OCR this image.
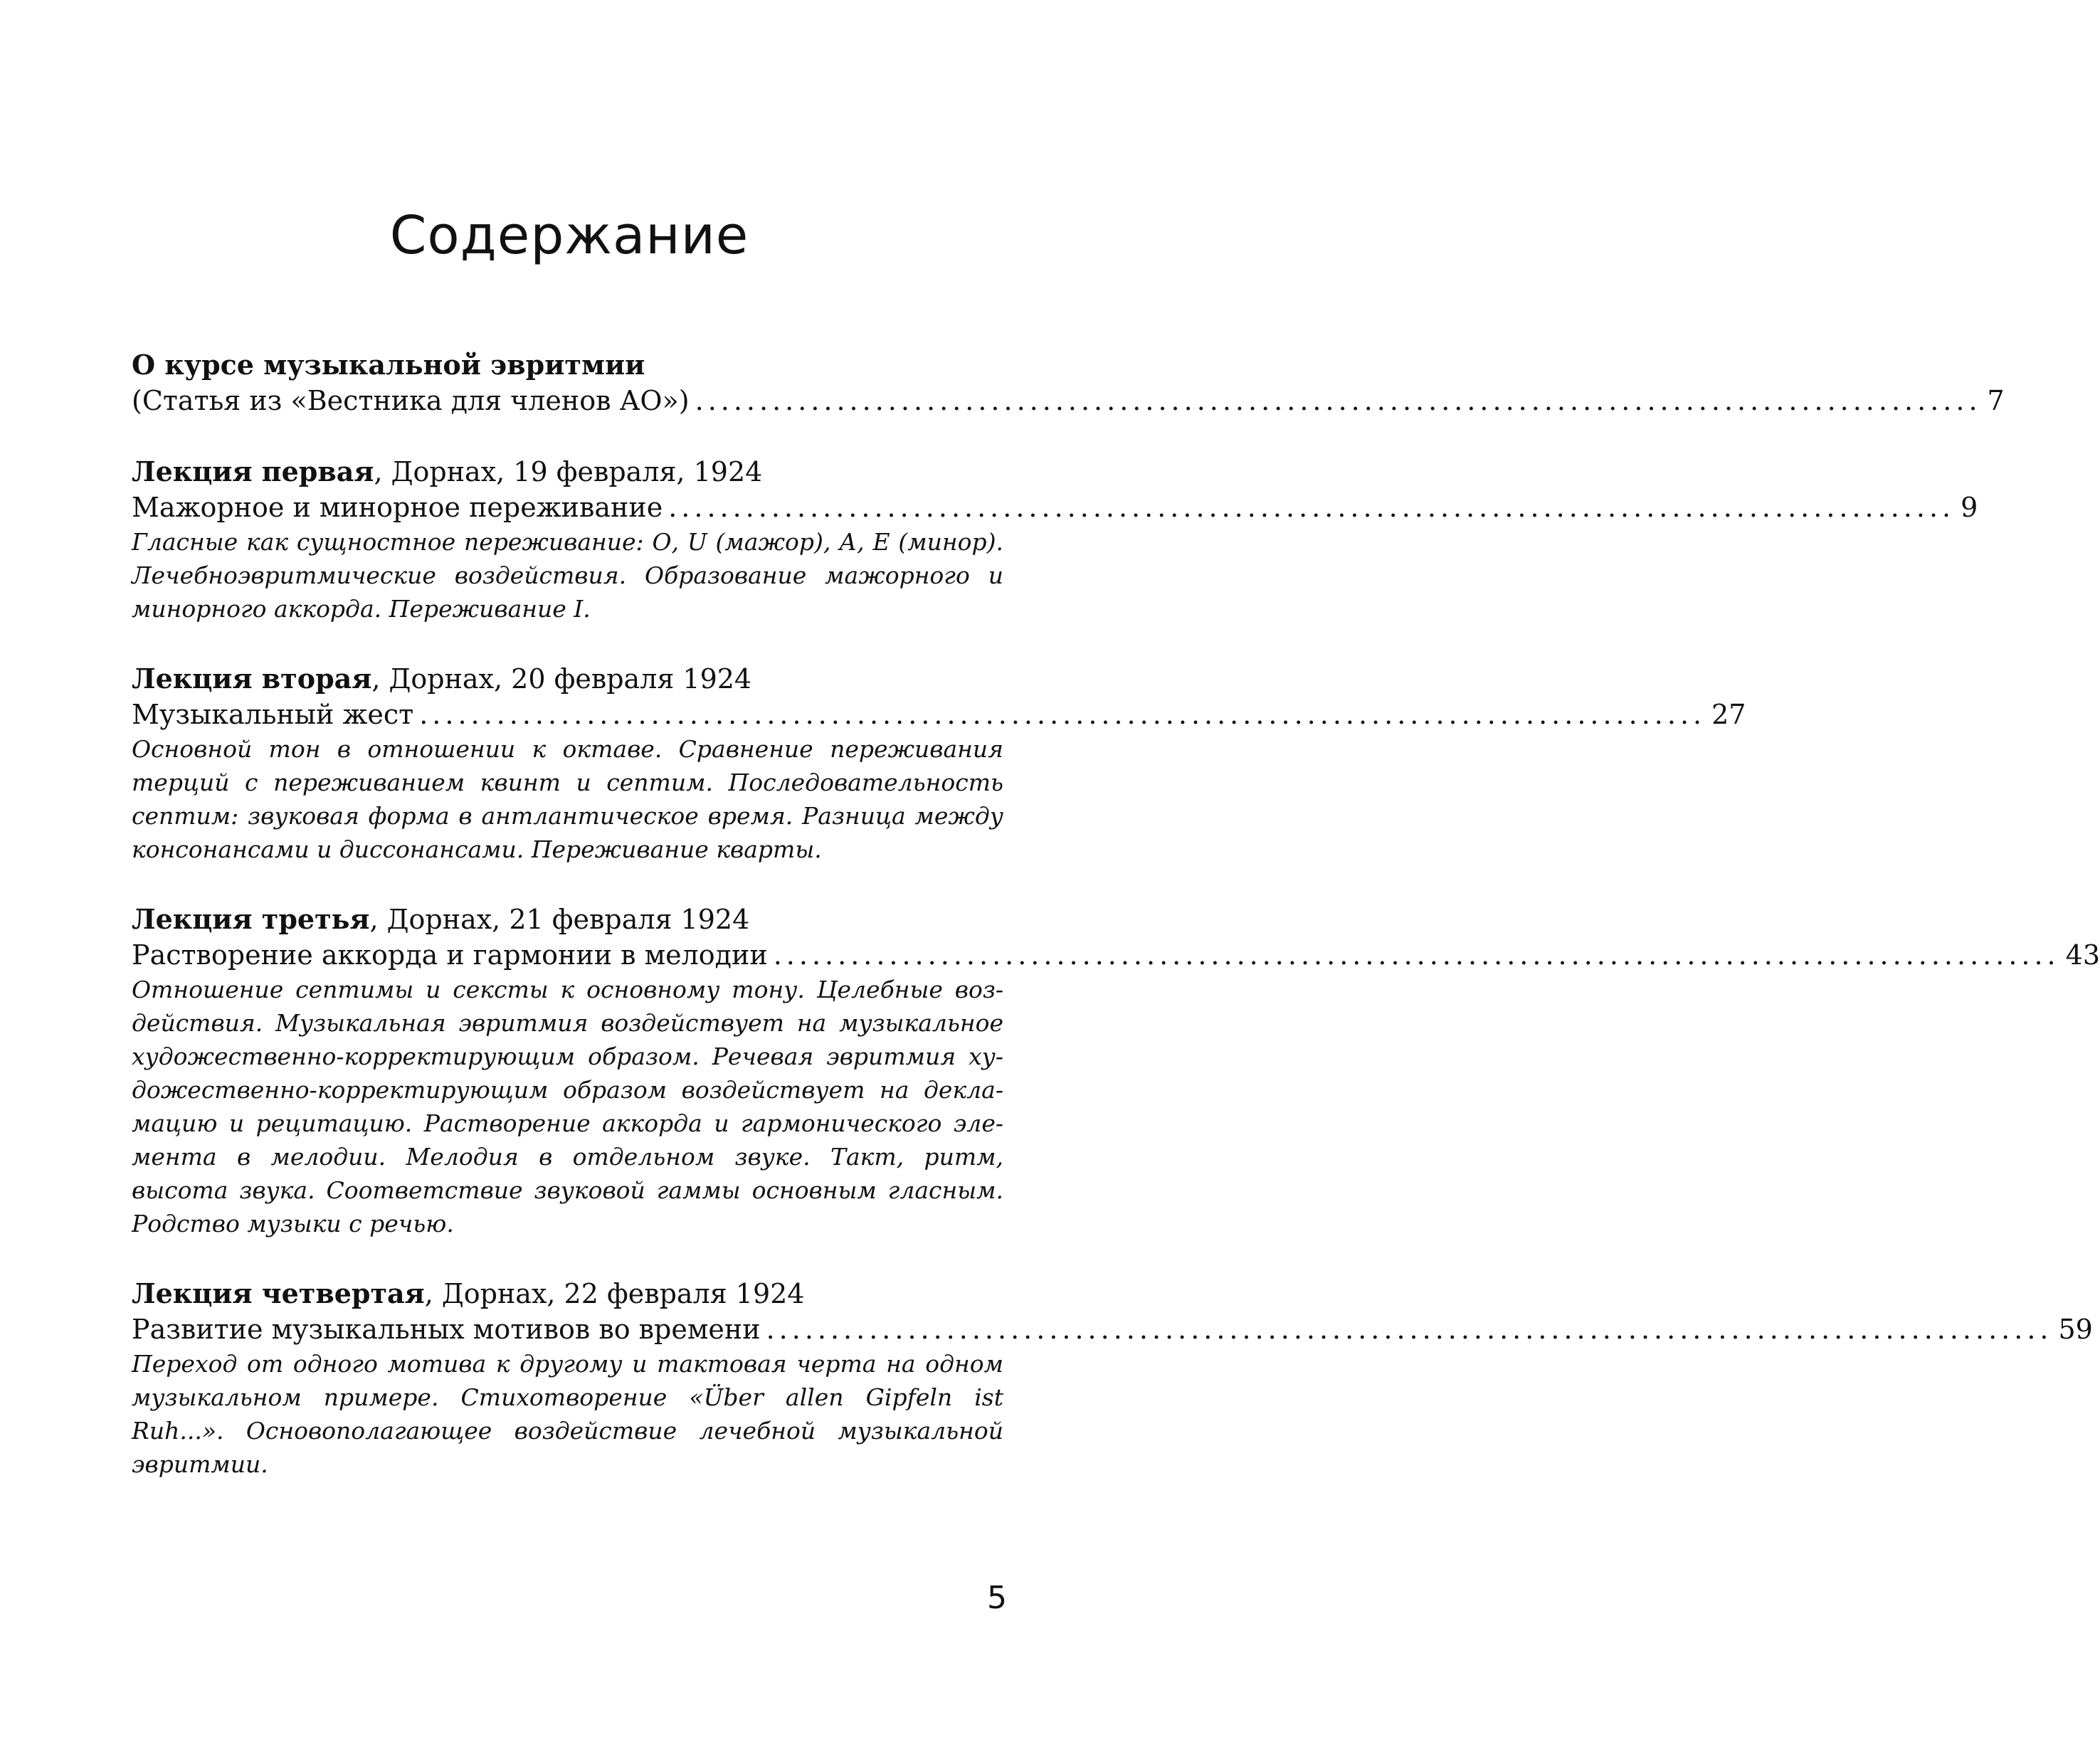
Содержание

О курсе музыкальной эвритмии

(Статья из «Вестника для членов АО») .................................................................................................... 7

Лекция первая, Дорнах, 19 февраля, 1924

Мажорное и минорное переживание .................................................................................................... 9

Гласные как сущностное переживание: О, U (мажор), А, Е (минор). Лечебноэвритмические воздействия. Образование мажорного и минорного аккорда. Переживание I.

Лекция вторая, Дорнах, 20 февраля 1924

Музыкальный жест .................................................................................................... 27

Основной тон в отношении к октаве. Сравнение переживания терций с переживанием квинт и септим. Последовательность септим: звуковая форма в антлантическое время. Разница между консонансами и диссонансами. Переживание кварты.

Лекция третья, Дорнах, 21 февраля 1924

Растворение аккорда и гармонии в мелодии .................................................................................................... 43

Отношение септимы и сексты к основному тону. Целебные воздействия. Музыкальная эвритмия воздействует на музыкальное художественно-корректирующим образом. Речевая эвритмия художественно-корректирующим образом воздействует на декламацию и рецитацию. Растворение аккорда и гармонического элемента в мелодии. Мелодия в отдельном звуке. Такт, ритм, высота звука. Соответствие звуковой гаммы основным гласным. Родство музыки с речью.

Лекция четвертая, Дорнах, 22 февраля 1924

Развитие музыкальных мотивов во времени .................................................................................................... 59

Переход от одного мотива к другому и тактовая черта на одном музыкальном примере. Стихотворение «Über allen Gipfeln ist Ruh...». Основополагающее воздействие лечебной музыкальной эвритмии.

5
